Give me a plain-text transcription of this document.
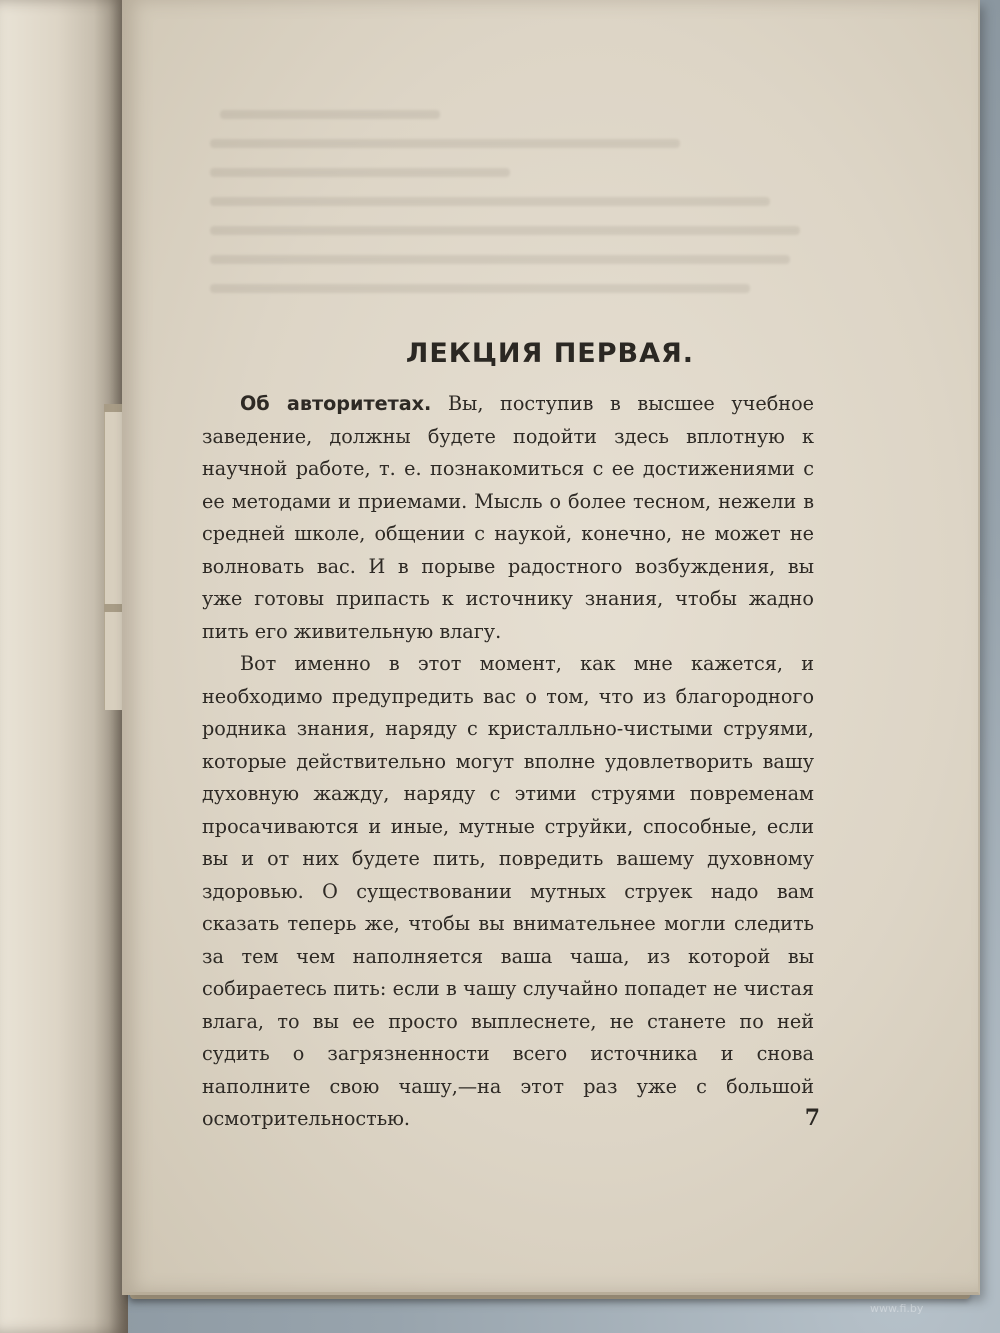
ЛЕКЦИЯ ПЕРВАЯ.

Об авторитетах. Вы, поступив в высшее учебное заведение, должны будете подойти здесь вплотную к научной работе, т. е. познакомиться с ее достижениями с ее методами и приемами. Мысль о более тесном, нежели в средней школе, общении с наукой, конечно, не может не волновать вас. И в порыве радостного возбуждения, вы уже готовы припасть к источнику знания, чтобы жадно пить его живительную влагу.

Вот именно в этот момент, как мне кажется, и необходимо предупредить вас о том, что из благородного родника знания, наряду с кристалльно-чистыми струями, которые действительно могут вполне удовлетворить вашу духовную жажду, наряду с этими струями повременам просачиваются и иные, мутные струйки, способные, если вы и от них будете пить, повредить вашему духовному здоровью. О существовании мутных струек надо вам сказать теперь же, чтобы вы внимательнее могли следить за тем чем наполняется ваша чаша, из которой вы собираетесь пить: если в чашу случайно попадет не чистая влага, то вы ее просто выплеснете, не станете по ней судить о загрязненности всего источника и снова наполните свою чашу,—на этот раз уже с большой осмотрительностью.	7
www.fi.by
